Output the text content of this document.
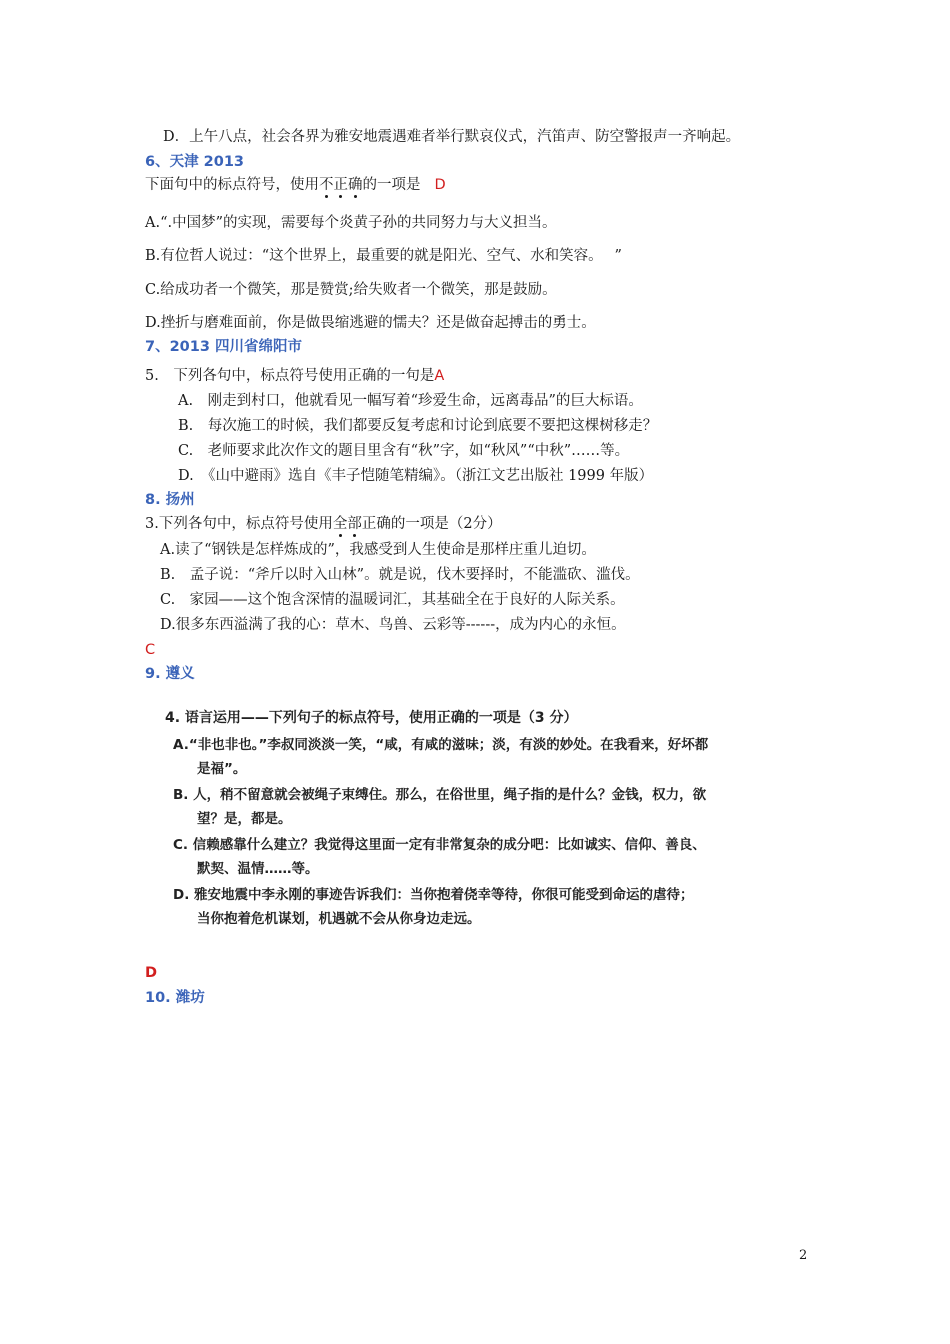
D．上午八点，社会各界为雅安地震遇难者举行默哀仪式，汽笛声、防空警报声一齐响起。
6、天津 2013
下面句中的标点符号，使用不正确的一项是 D
A.“.中国梦”的实现，需要每个炎黄子孙的共同努力与大义担当。
B.有位哲人说过：“这个世界上，最重要的就是阳光、空气、水和笑容。　 ”
C.给成功者一个微笑，那是赞赏;给失败者一个微笑，那是鼓励。
D.挫折与磨难面前，你是做畏缩逃避的懦夫？还是做奋起搏击的勇士。
7、2013 四川省绵阳市
5.　下列各句中，标点符号使用正确的一句是A
A.　刚走到村口，他就看见一幅写着“珍爱生命，远离毒品”的巨大标语。
B.　每次施工的时候，我们都要反复考虑和讨论到底要不要把这棵树移走？
C.　老师要求此次作文的题目里含有“秋”字，如“秋风”“中秋”……等。
D.　《山中避雨》选自《丰子恺随笔精编》。（浙江文艺出版社 1999 年版）
8. 扬州
3.下列各句中，标点符号使用全部正确的一项是（2分）
A.读了“钢铁是怎样炼成的”，我感受到人生使命是那样庄重儿迫切。
B.　孟子说：“斧斤以时入山林”。就是说，伐木要择时，不能滥砍、滥伐。
C.　家园——这个饱含深情的温暖词汇，其基础全在于良好的人际关系。
D.很多东西溢满了我的心：草木、鸟兽、云彩等------，成为内心的永恒。
C
9. 遵义
4. 语言运用——下列句子的标点符号，使用正确的一项是（3 分）
A.“非也非也。”李叔同淡淡一笑，“咸，有咸的滋味；淡，有淡的妙处。在我看来，好坏都
是福”。
B. 人，稍不留意就会被绳子束缚住。那么，在俗世里，绳子指的是什么？金钱，权力，欲
望？是，都是。
C. 信赖感靠什么建立？我觉得这里面一定有非常复杂的成分吧：比如诚实、信仰、善良、
默契、温情……等。
D. 雅安地震中李永刚的事迹告诉我们：当你抱着侥幸等待，你很可能受到命运的虐待；
当你抱着危机谋划，机遇就不会从你身边走远。
D
10. 潍坊
2
